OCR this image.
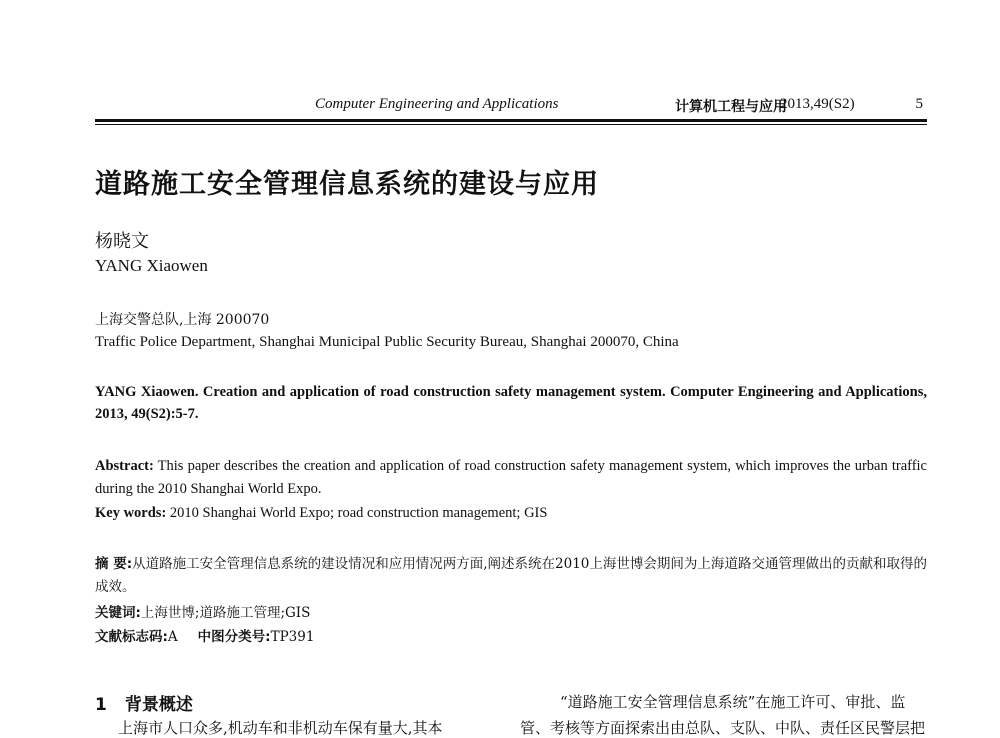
Computer Engineering and Applications	计算机工程与应用
2013,49(S2)	5
道路施工安全管理信息系统的建设与应用
杨晓文
YANG Xiaowen
上海交警总队,上海 200070
Traffic Police Department, Shanghai Municipal Public Security Bureau, Shanghai 200070, China
YANG Xiaowen. Creation and application of road construction safety management system. Computer Engineering and Applications, 2013, 49(S2):5-7.
Abstract: This paper describes the creation and application of road construction safety management system, which improves the urban traffic during the 2010 Shanghai World Expo.
Key words: 2010 Shanghai World Expo; road construction management; GIS
摘 要:从道路施工安全管理信息系统的建设情况和应用情况两方面,阐述系统在2010上海世博会期间为上海道路交通管理做出的贡献和取得的成效。
关键词:上海世博;道路施工管理;GIS
文献标志码:A 中图分类号:TP391
1 背景概述	“道路施工安全管理信息系统”在施工许可、审批、监
上海市人口众多,机动车和非机动车保有量大,其本	管、考核等方面探索出由总队、支队、中队、责任区民警层把
